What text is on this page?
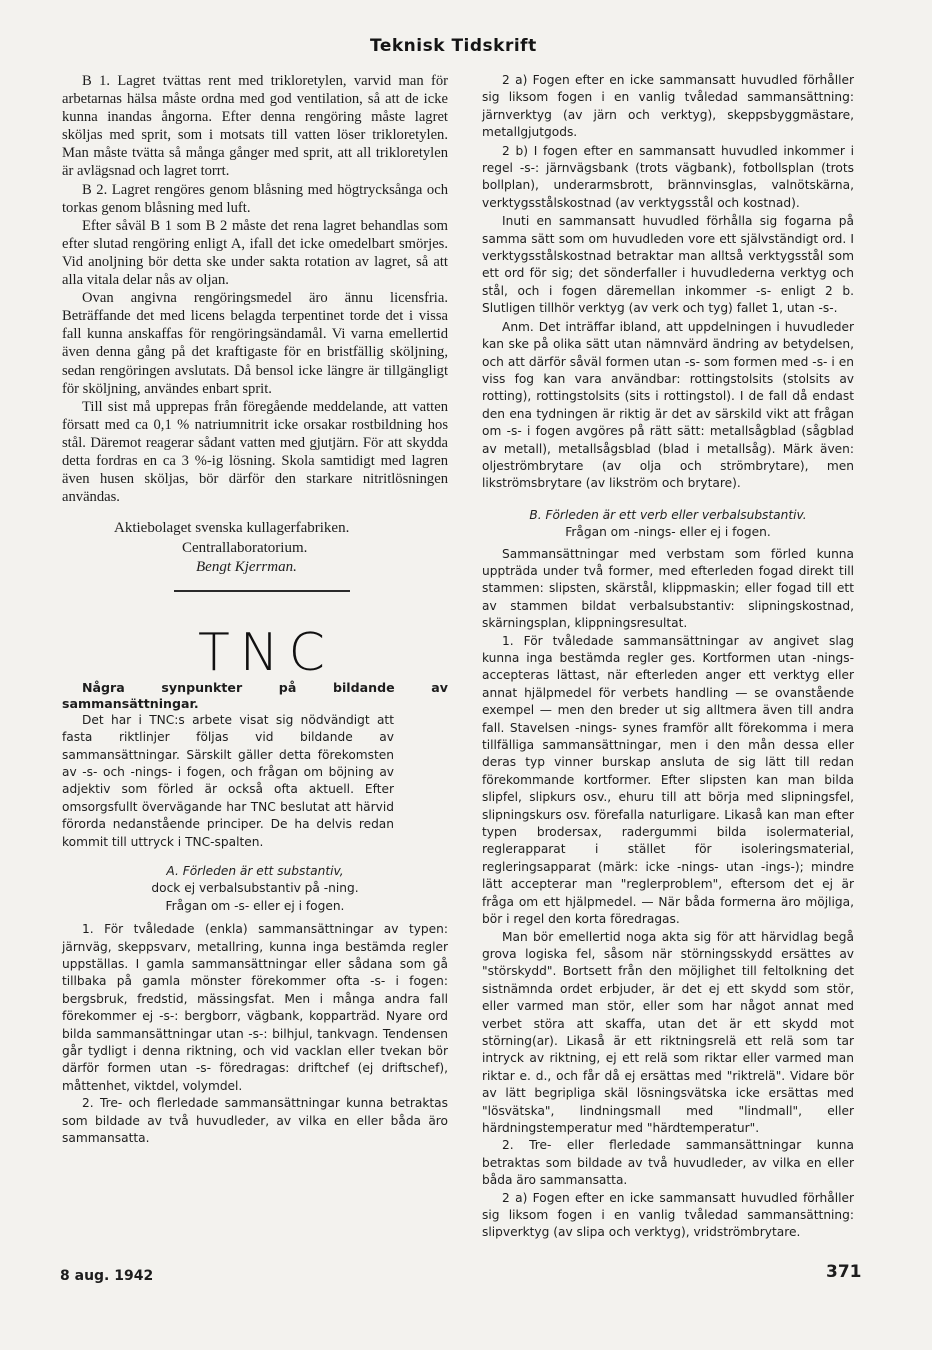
Teknisk Tidskrift

B 1. Lagret tvättas rent med trikloretylen, varvid man för arbetarnas hälsa måste ordna med god ventilation, så att de icke kunna inandas ångorna. Efter denna rengöring måste lagret sköljas med sprit, som i motsats till vatten löser trikloretylen. Man måste tvätta så många gånger med sprit, att all trikloretylen är avlägsnad och lagret torrt.

B 2. Lagret rengöres genom blåsning med högtrycksånga och torkas genom blåsning med luft.

Efter såväl B 1 som B 2 måste det rena lagret behandlas som efter slutad rengöring enligt A, ifall det icke omedelbart smörjes. Vid anoljning bör detta ske under sakta rotation av lagret, så att alla vitala delar nås av oljan.

Ovan angivna rengöringsmedel äro ännu licensfria. Beträffande det med licens belagda terpentinet torde det i vissa fall kunna anskaffas för rengöringsändamål. Vi varna emellertid även denna gång på det kraftigaste för en bristfällig sköljning, sedan rengöringen avslutats. Då bensol icke längre är tillgängligt för sköljning, användes enbart sprit.

Till sist må upprepas från föregående meddelande, att vatten försatt med ca 0,1 % natriumnitrit icke orsakar rostbildning hos stål. Däremot reagerar sådant vatten med gjutjärn. För att skydda detta fordras en ca 3 %-ig lösning. Skola samtidigt med lagren även husen sköljas, bör därför den starkare nitritlösningen användas.

Aktiebolaget svenska kullagerfabriken.
Centrallaboratorium.
Bengt Kjerrman.
TNC

Några synpunkter på bildande av sammansättningar.

Det har i TNC:s arbete visat sig nödvändigt att fasta riktlinjer följas vid bildande av sammansättningar. Särskilt gäller detta förekomsten av -s- och -nings- i fogen, och frågan om böjning av adjektiv som förled är också ofta aktuell. Efter omsorgsfullt övervägande har TNC beslutat att härvid förorda nedanstående principer. De ha delvis redan kommit till uttryck i TNC-spalten.

A. Förleden är ett substantiv,
dock ej verbalsubstantiv på -ning.
Frågan om -s- eller ej i fogen.

1. För tvåledade (enkla) sammansättningar av typen: järnväg, skeppsvarv, metallring, kunna inga bestämda regler uppställas. I gamla sammansättningar eller sådana som gå tillbaka på gamla mönster förekommer ofta -s- i fogen: bergsbruk, fredstid, mässingsfat. Men i många andra fall förekommer ej -s-: bergborr, vägbank, kopparträd. Nyare ord bilda sammansättningar utan -s-: bilhjul, tankvagn. Tendensen går tydligt i denna riktning, och vid vacklan eller tvekan bör därför formen utan -s- föredragas: driftchef (ej driftschef), måttenhet, viktdel, volymdel.

2. Tre- och flerledade sammansättningar kunna betraktas som bildade av två huvudleder, av vilka en eller båda äro sammansatta.

2 a) Fogen efter en icke sammansatt huvudled förhåller sig liksom fogen i en vanlig tvåledad sammansättning: järnverktyg (av järn och verktyg), skeppsbyggmästare, metallgjutgods.

2 b) I fogen efter en sammansatt huvudled inkommer i regel -s-: järnvägsbank (trots vägbank), fotbollsplan (trots bollplan), underarmsbrott, brännvinsglas, valnötskärna, verktygsstålskostnad (av verktygsstål och kostnad).

Inuti en sammansatt huvudled förhålla sig fogarna på samma sätt som om huvudleden vore ett självständigt ord. I verktygsstålskostnad betraktar man alltså verktygsstål som ett ord för sig; det sönderfaller i huvudlederna verktyg och stål, och i fogen däremellan inkommer -s- enligt 2 b. Slutligen tillhör verktyg (av verk och tyg) fallet 1, utan -s-.

Anm. Det inträffar ibland, att uppdelningen i huvudleder kan ske på olika sätt utan nämnvärd ändring av betydelsen, och att därför såväl formen utan -s- som formen med -s- i en viss fog kan vara användbar: rottingstolsits (stolsits av rotting), rottingstolsits (sits i rottingstol). I de fall då endast den ena tydningen är riktig är det av särskild vikt att frågan om -s- i fogen avgöres på rätt sätt: metallsågblad (sågblad av metall), metallsågsblad (blad i metallsåg). Märk även: oljeströmbrytare (av olja och strömbrytare), men likströmsbrytare (av likström och brytare).

B. Förleden är ett verb eller verbalsubstantiv.
Frågan om -nings- eller ej i fogen.

Sammansättningar med verbstam som förled kunna uppträda under två former, med efterleden fogad direkt till stammen: slipsten, skärstål, klippmaskin; eller fogad till ett av stammen bildat verbalsubstantiv: slipningskostnad, skärningsplan, klippningsresultat.

1. För tvåledade sammansättningar av angivet slag kunna inga bestämda regler ges. Kortformen utan -nings- accepteras lättast, när efterleden anger ett verktyg eller annat hjälpmedel för verbets handling — se ovanstående exempel — men den breder ut sig alltmera även till andra fall. Stavelsen -nings- synes framför allt förekomma i mera tillfälliga sammansättningar, men i den mån dessa eller deras typ vinner burskap ansluta de sig lätt till redan förekommande kortformer. Efter slipsten kan man bilda slipfel, slipkurs osv., ehuru till att börja med slipningsfel, slipningskurs osv. förefalla naturligare. Likaså kan man efter typen brodersax, radergummi bilda isolermaterial, reglerapparat i stället för isoleringsmaterial, regleringsapparat (märk: icke -nings- utan -ings-); mindre lätt accepterar man "reglerproblem", eftersom det ej är fråga om ett hjälpmedel. — När båda formerna äro möjliga, bör i regel den korta föredragas.

Man bör emellertid noga akta sig för att härvidlag begå grova logiska fel, såsom när störningsskydd ersättes av "störskydd". Bortsett från den möjlighet till feltolkning det sistnämnda ordet erbjuder, är det ej ett skydd som stör, eller varmed man stör, eller som har något annat med verbet störa att skaffa, utan det är ett skydd mot störning(ar). Likaså är ett riktningsrelä ett relä som tar intryck av riktning, ej ett relä som riktar eller varmed man riktar e. d., och får då ej ersättas med "riktrelä". Vidare bör av lätt begripliga skäl lösningsvätska icke ersättas med "lösvätska", lindningsmall med "lindmall", eller härdningstemperatur med "härdtemperatur".

2. Tre- eller flerledade sammansättningar kunna betraktas som bildade av två huvudleder, av vilka en eller båda äro sammansatta.

2 a) Fogen efter en icke sammansatt huvudled förhåller sig liksom fogen i en vanlig tvåledad sammansättning: slipverktyg (av slipa och verktyg), vridströmbrytare.

8 aug. 1942	371
